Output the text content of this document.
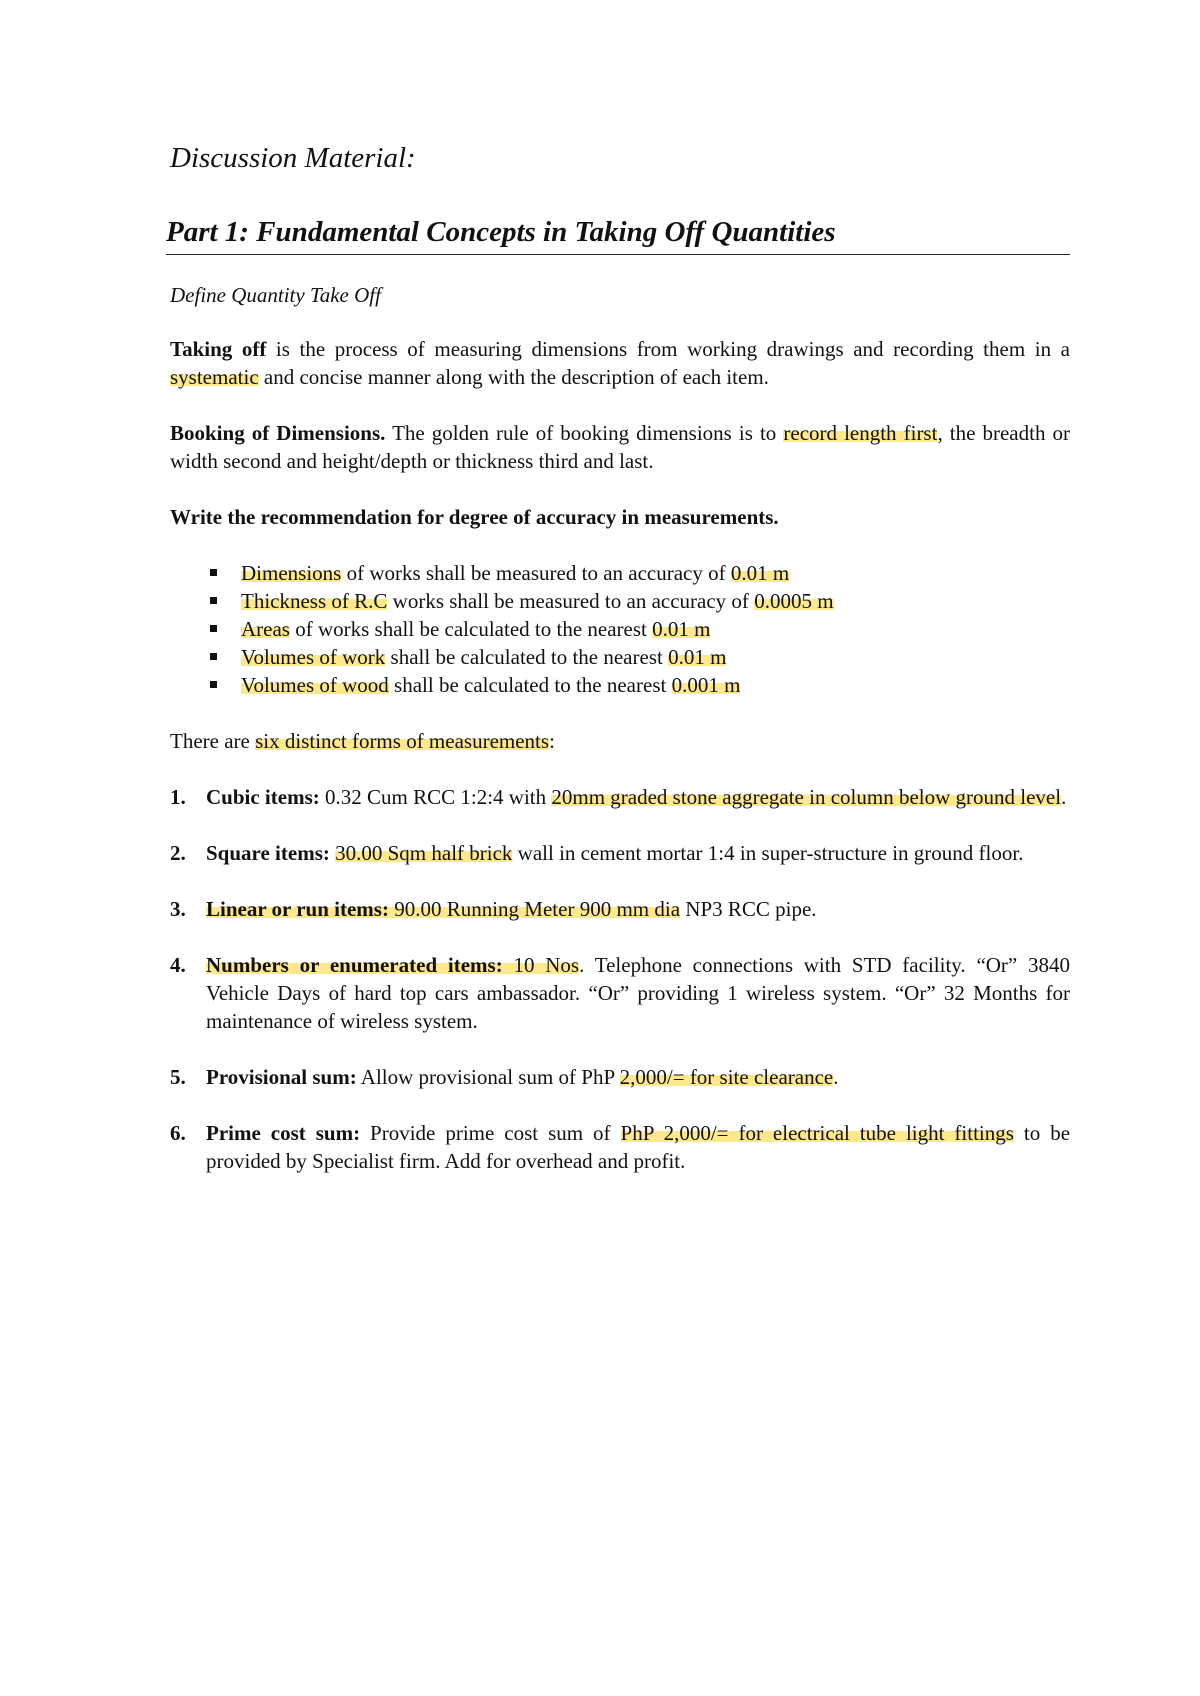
Discussion Material:
Part 1: Fundamental Concepts in Taking Off Quantities
Define Quantity Take Off

Taking off is the process of measuring dimensions from working drawings and recording them in a systematic and concise manner along with the description of each item.

Booking of Dimensions. The golden rule of booking dimensions is to record length first, the breadth or width second and height/depth or thickness third and last.

Write the recommendation for degree of accuracy in measurements.
Dimensions of works shall be measured to an accuracy of 0.01 m
Thickness of R.C works shall be measured to an accuracy of 0.0005 m
Areas of works shall be calculated to the nearest 0.01 m
Volumes of work shall be calculated to the nearest 0.01 m
Volumes of wood shall be calculated to the nearest 0.001 m

There are six distinct forms of measurements:

1. Cubic items: 0.32 Cum RCC 1:2:4 with 20mm graded stone aggregate in column below ground level.
2. Square items: 30.00 Sqm half brick wall in cement mortar 1:4 in super-structure in ground floor.
3. Linear or run items: 90.00 Running Meter 900 mm dia NP3 RCC pipe.
4. Numbers or enumerated items: 10 Nos. Telephone connections with STD facility. “Or” 3840 Vehicle Days of hard top cars ambassador. “Or” providing 1 wireless system. “Or” 32 Months for maintenance of wireless system.
5. Provisional sum: Allow provisional sum of PhP 2,000/= for site clearance.
6. Prime cost sum: Provide prime cost sum of PhP 2,000/= for electrical tube light fittings to be provided by Specialist firm. Add for overhead and profit.
